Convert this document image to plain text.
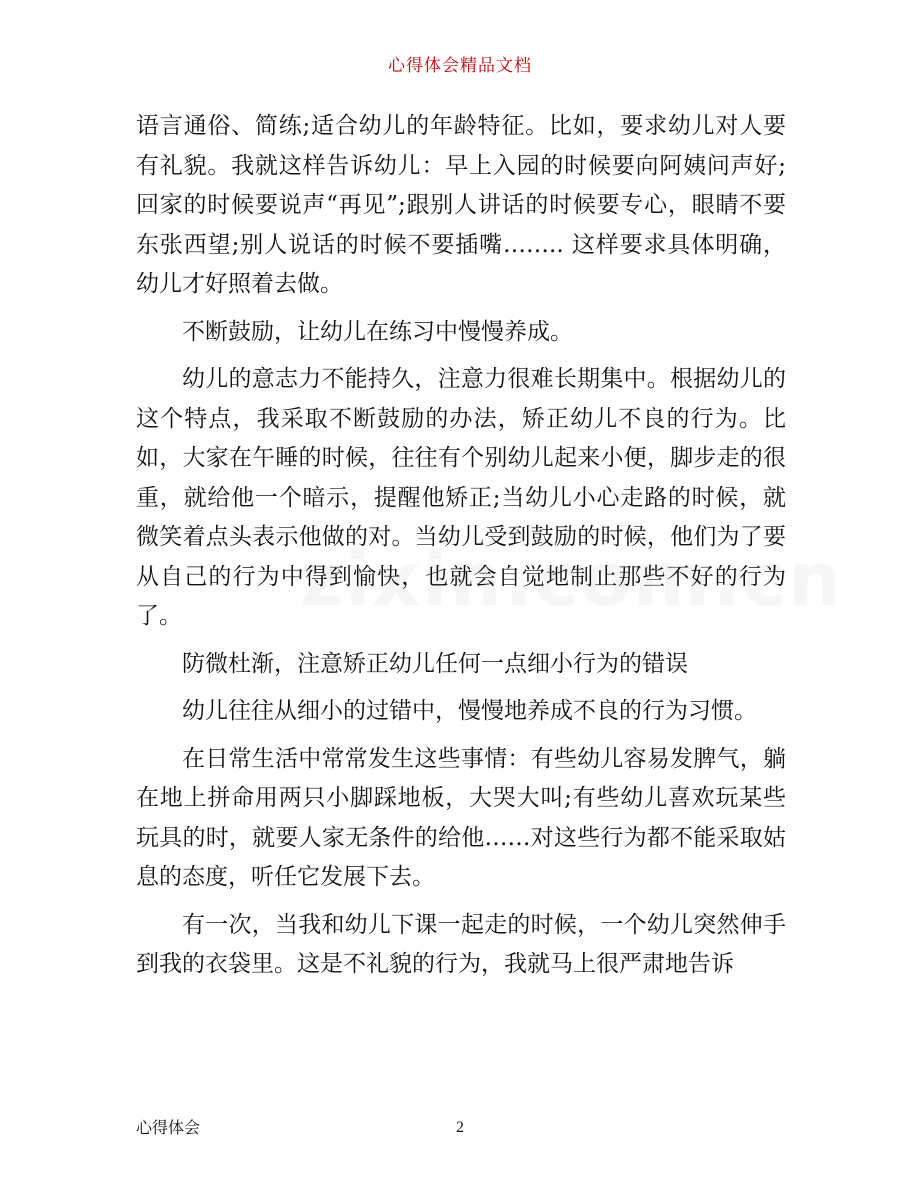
心得体会精品文档

语言通俗、简练;适合幼儿的年龄特征。比如，要求幼儿对人要有礼貌。我就这样告诉幼儿：早上入园的时候要向阿姨问声好;回家的时候要说声“再见”;跟别人讲话的时候要专心，眼睛不要东张西望;别人说话的时候不要插嘴…….. 这样要求具体明确，幼儿才好照着去做。

不断鼓励，让幼儿在练习中慢慢养成。

幼儿的意志力不能持久，注意力很难长期集中。根据幼儿的这个特点，我采取不断鼓励的办法，矫正幼儿不良的行为。比如，大家在午睡的时候，往往有个别幼儿起来小便，脚步走的很重，就给他一个暗示，提醒他矫正;当幼儿小心走路的时候，就微笑着点头表示他做的对。当幼儿受到鼓励的时候，他们为了要从自己的行为中得到愉快，也就会自觉地制止那些不好的行为了。

防微杜渐，注意矫正幼儿任何一点细小行为的错误

幼儿往往从细小的过错中，慢慢地养成不良的行为习惯。

在日常生活中常常发生这些事情：有些幼儿容易发脾气，躺在地上拼命用两只小脚踩地板，大哭大叫;有些幼儿喜欢玩某些玩具的时，就要人家无条件的给他……对这些行为都不能采取姑息的态度，听任它发展下去。

有一次，当我和幼儿下课一起走的时候，一个幼儿突然伸手到我的衣袋里。这是不礼貌的行为，我就马上很严肃地告诉

心得体会	2
